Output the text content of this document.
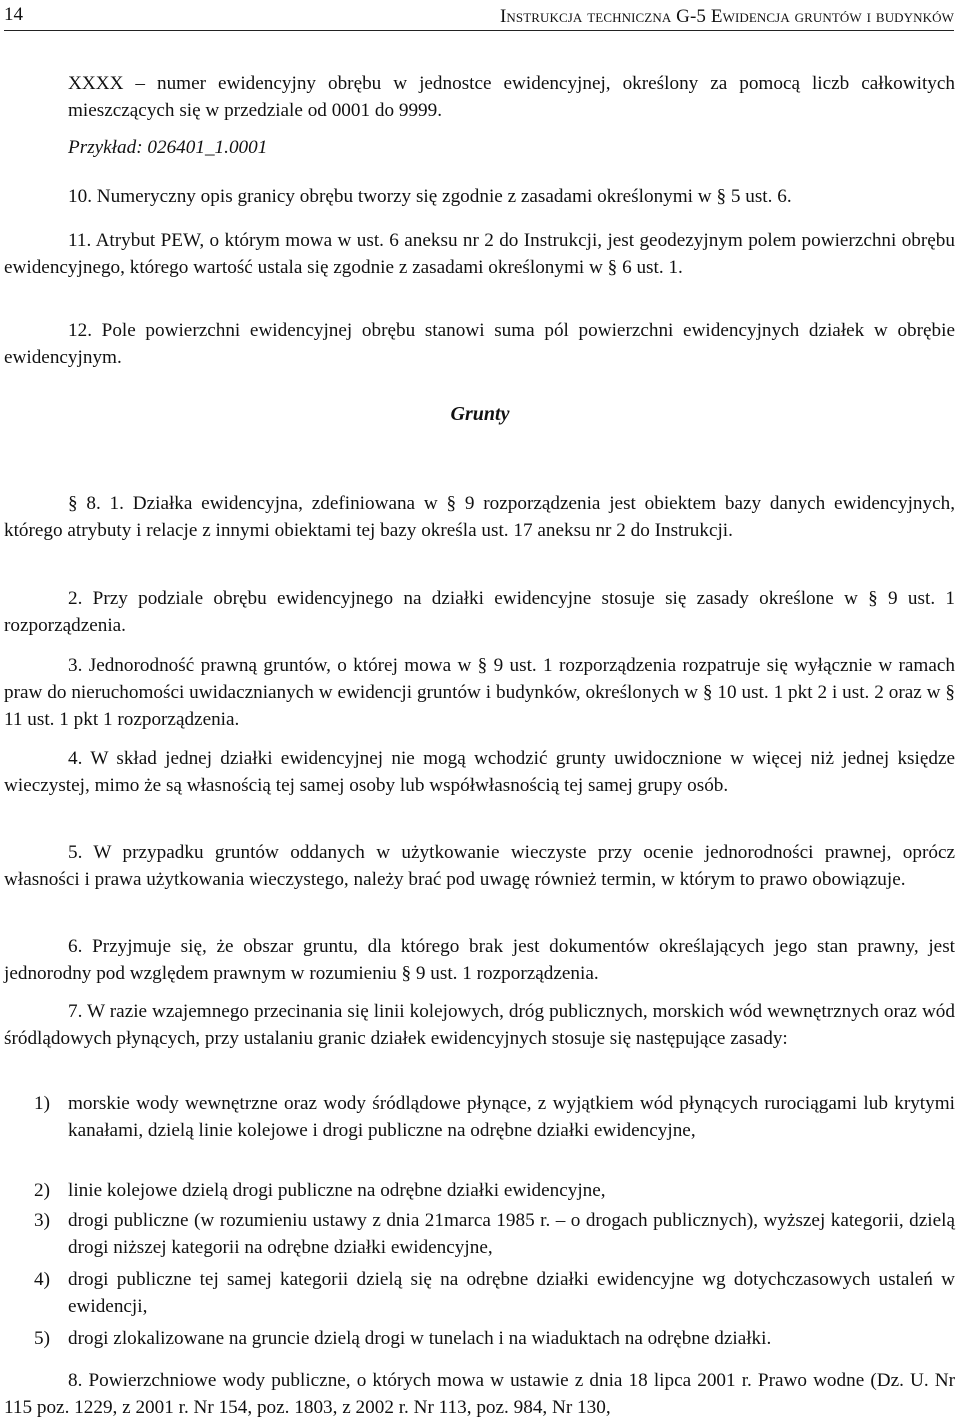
14	Instrukcja techniczna G-5 Ewidencja gruntów i budynków

XXXX – numer ewidencyjny obrębu w jednostce ewidencyjnej, określony za pomocą liczb całkowitych mieszczących się w przedziale od 0001 do 9999.

Przykład: 026401_1.0001

10. Numeryczny opis granicy obrębu tworzy się zgodnie z zasadami określonymi w § 5 ust. 6.

11. Atrybut PEW, o którym mowa w ust. 6 aneksu nr 2 do Instrukcji, jest geodezyjnym polem powierzchni obrębu ewidencyjnego, którego wartość ustala się zgodnie z zasadami określonymi w § 6 ust. 1.

12. Pole powierzchni ewidencyjnej obrębu stanowi suma pól powierzchni ewidencyjnych działek w obrębie ewidencyjnym.

Grunty

§ 8. 1. Działka ewidencyjna, zdefiniowana w § 9 rozporządzenia jest obiektem bazy danych ewidencyjnych, którego atrybuty i relacje z innymi obiektami tej bazy określa ust. 17 aneksu nr 2 do Instrukcji.

2. Przy podziale obrębu ewidencyjnego na działki ewidencyjne stosuje się zasady określone w § 9 ust. 1 rozporządzenia.

3. Jednorodność prawną gruntów, o której mowa w § 9 ust. 1 rozporządzenia rozpatruje się wyłącznie w ramach praw do nieruchomości uwidacznianych w ewidencji gruntów i budynków, określonych w § 10 ust. 1 pkt 2 i ust. 2 oraz w § 11 ust. 1 pkt 1 rozporządzenia.

4. W skład jednej działki ewidencyjnej nie mogą wchodzić grunty uwidocznione w więcej niż jednej księdze wieczystej, mimo że są własnością tej samej osoby lub współwłasnością tej samej grupy osób.

5. W przypadku gruntów oddanych w użytkowanie wieczyste przy ocenie jednorodności prawnej, oprócz własności i prawa użytkowania wieczystego, należy brać pod uwagę również termin, w którym to prawo obowiązuje.

6. Przyjmuje się, że obszar gruntu, dla którego brak jest dokumentów określających jego stan prawny, jest jednorodny pod względem prawnym w rozumieniu § 9 ust. 1 rozporządzenia.

7. W razie wzajemnego przecinania się linii kolejowych, dróg publicznych, morskich wód wewnętrznych oraz wód śródlądowych płynących, przy ustalaniu granic działek ewidencyjnych stosuje się następujące zasady:

1) morskie wody wewnętrzne oraz wody śródlądowe płynące, z wyjątkiem wód płynących rurociągami lub krytymi kanałami, dzielą linie kolejowe i drogi publiczne na odrębne działki ewidencyjne,
2) linie kolejowe dzielą drogi publiczne na odrębne działki ewidencyjne,
3) drogi publiczne (w rozumieniu ustawy z dnia 21marca 1985 r. – o drogach publicznych), wyższej kategorii, dzielą drogi niższej kategorii na odrębne działki ewidencyjne,
4) drogi publiczne tej samej kategorii dzielą się na odrębne działki ewidencyjne wg dotychczasowych ustaleń w ewidencji,
5) drogi zlokalizowane na gruncie dzielą drogi w tunelach i na wiaduktach na odrębne działki.

8. Powierzchniowe wody publiczne, o których mowa w ustawie z dnia 18 lipca 2001 r. Prawo wodne (Dz. U. Nr 115 poz. 1229, z 2001 r. Nr 154, poz. 1803, z 2002 r. Nr 113, poz. 984, Nr 130,
